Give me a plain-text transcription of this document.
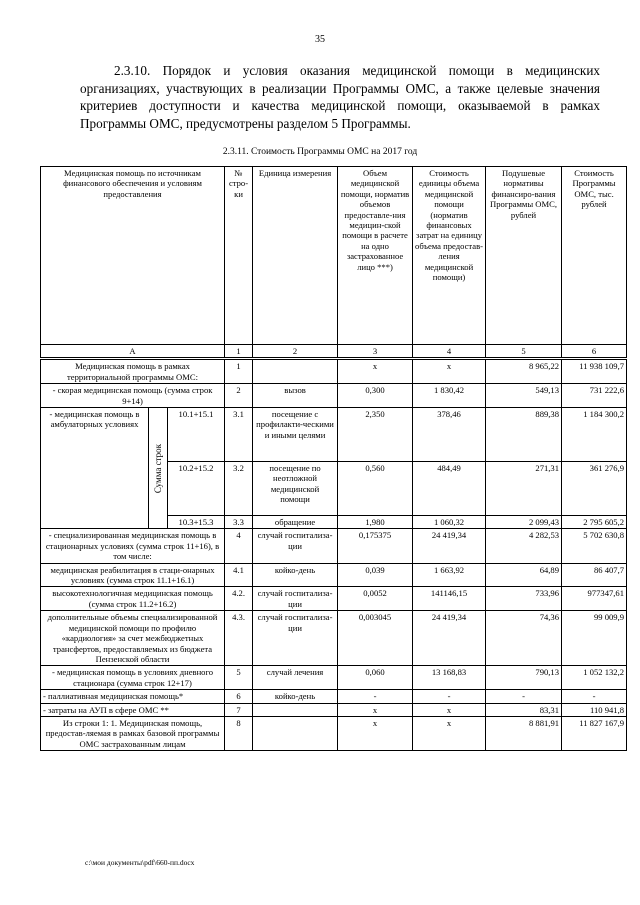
35
2.3.10. Порядок и условия оказания медицинской помощи в медицинских организациях, участвующих в реализации Программы ОМС, а также целевые значения критериев доступности и качества медицинской помощи, оказываемой в рамках Программы ОМС, предусмотрены разделом 5 Программы.
2.3.11. Стоимость Программы ОМС на 2017 год
Медицинская помощь по источникам финансового обеспечения и условиям предоставления			№ стро-ки	Единица измерения	Объем медицинской помощи, норматив объемов предоставле-ния медицин-ской помощи в расчете на одно застрахованное лицо ***)	Стоимость единицы объема медицинской помощи (норматив финансовых затрат на единицу объема предостав-ления медицинской помощи)	Подушевые нормативы финансиро-вания Программы ОМС, рублей	Стоимость Программы ОМС, тыс. рублей
А			1	2	3	4	5	6
Медицинская помощь в рамках территориальной программы ОМС:			1		х	х	8 965,22	11 938 109,7
- скорая медицинская помощь (сумма строк 9+14)			2	вызов	0,300	1 830,42	549,13	731 222,6
- медицинская помощь в амбулаторных условиях	Сумма строк	10.1+15.1	3.1	посещение с профилакти-ческими и иными целями	2,350	378,46	889,38	1 184 300,2
		10.2+15.2	3.2	посещение по неотложной медицинской помощи	0,560	484,49	271,31	361 276,9
		10.3+15.3	3.3	обращение	1,980	1 060,32	2 099,43	2 795 605,2
- специализированная медицинская помощь в стационарных условиях (сумма строк 11+16), в том числе:			4	случай госпитализа-ции	0,175375	24 419,34	4 282,53	5 702 630,8
медицинская реабилитация в стаци-онарных условиях (сумма строк 11.1+16.1)			4.1	койко-день	0,039	1 663,92	64,89	86 407,7
высокотехнологичная медицинская помощь (сумма строк 11.2+16.2)			4.2.	случай госпитализа-ции	0,0052	141146,15	733,96	977347,61
дополнительные объемы специализированной медицинской помощи по профилю «кардиология» за счет межбюджетных трансфертов, предоставляемых из бюджета Пензенской области			4.3.	случай госпитализа-ции	0,003045	24 419,34	74,36	99 009,9
- медицинская помощь в условиях дневного стационара (сумма строк 12+17)			5	случай лечения	0,060	13 168,83	790,13	1 052 132,2
- паллиативная медицинская помощь*			6	койко-день	-	-	-	-
- затраты на АУП в сфере ОМС **			7		х	х	83,31	110 941,8
Из строки 1: 1. Медицинская помощь, предостав-ляемая в рамках базовой программы ОМС застрахованным лицам			8		х	х	8 881,91	11 827 167,9
c:\мои документы\pdf\660-пп.docx
